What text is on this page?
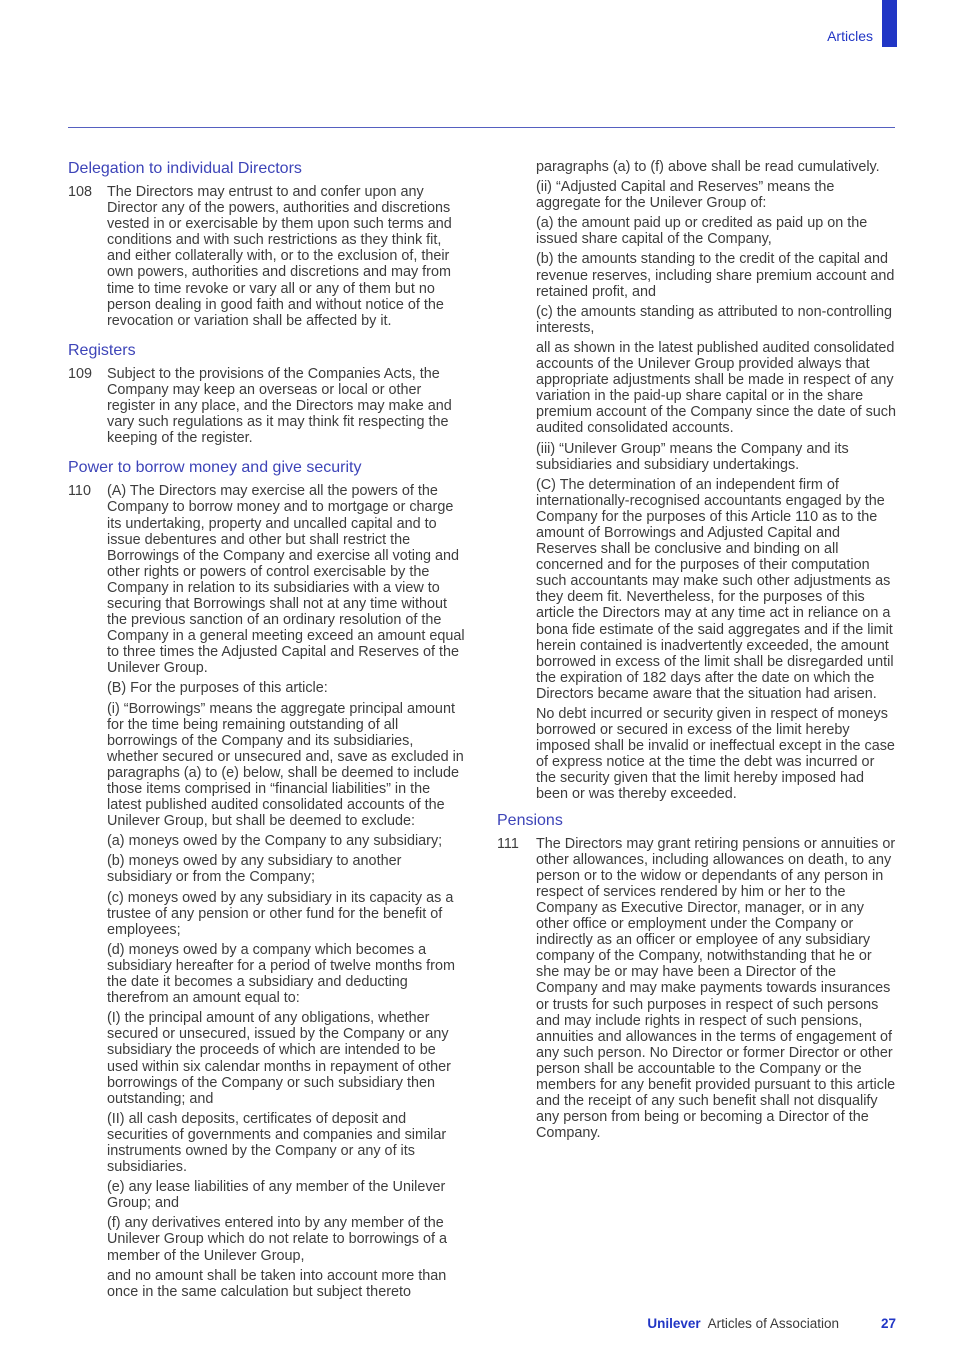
Articles
Delegation to individual Directors
108	The Directors may entrust to and confer upon any Director any of the powers, authorities and discretions vested in or exercisable by them upon such terms and conditions and with such restrictions as they think fit, and either collaterally with, or to the exclusion of, their own powers, authorities and discretions and may from time to time revoke or vary all or any of them but no person dealing in good faith and without notice of the revocation or variation shall be affected by it.

Registers
109	Subject to the provisions of the Companies Acts, the Company may keep an overseas or local or other register in any place, and the Directors may make and vary such regulations as it may think fit respecting the keeping of the register.

Power to borrow money and give security
110	(A) The Directors may exercise all the powers of the Company to borrow money and to mortgage or charge its undertaking, property and uncalled capital and to issue debentures and other but shall restrict the Borrowings of the Company and exercise all voting and other rights or powers of control exercisable by the Company in relation to its subsidiaries with a view to securing that Borrowings shall not at any time without the previous sanction of an ordinary resolution of the Company in a general meeting exceed an amount equal to three times the Adjusted Capital and Reserves of the Unilever Group.

(B) For the purposes of this article:

(i) “Borrowings” means the aggregate principal amount for the time being remaining outstanding of all borrowings of the Company and its subsidiaries, whether secured or unsecured and, save as excluded in paragraphs (a) to (e) below, shall be deemed to include those items comprised in “financial liabilities” in the latest published audited consolidated accounts of the Unilever Group, but shall be deemed to exclude:

(a) moneys owed by the Company to any subsidiary;

(b) moneys owed by any subsidiary to another subsidiary or from the Company;

(c) moneys owed by any subsidiary in its capacity as a trustee of any pension or other fund for the benefit of employees;

(d) moneys owed by a company which becomes a subsidiary hereafter for a period of twelve months from the date it becomes a subsidiary and deducting therefrom an amount equal to:

(I) the principal amount of any obligations, whether secured or unsecured, issued by the Company or any subsidiary the proceeds of which are intended to be used within six calendar months in repayment of other borrowings of the Company or such subsidiary then outstanding; and

(II) all cash deposits, certificates of deposit and securities of governments and companies and similar instruments owned by the Company or any of its subsidiaries.

(e) any lease liabilities of any member of the Unilever Group; and

(f) any derivatives entered into by any member of the Unilever Group which do not relate to borrowings of a member of the Unilever Group,

and no amount shall be taken into account more than once in the same calculation but subject thereto

paragraphs (a) to (f) above shall be read cumulatively.

(ii) “Adjusted Capital and Reserves” means the aggregate for the Unilever Group of:

(a) the amount paid up or credited as paid up on the issued share capital of the Company,

(b) the amounts standing to the credit of the capital and revenue reserves, including share premium account and retained profit, and

(c) the amounts standing as attributed to non-controlling interests,

all as shown in the latest published audited consolidated accounts of the Unilever Group provided always that appropriate adjustments shall be made in respect of any variation in the paid-up share capital or in the share premium account of the Company since the date of such audited consolidated accounts.

(iii) “Unilever Group” means the Company and its subsidiaries and subsidiary undertakings.

(C) The determination of an independent firm of internationally-recognised accountants engaged by the Company for the purposes of this Article 110 as to the amount of Borrowings and Adjusted Capital and Reserves shall be conclusive and binding on all concerned and for the purposes of their computation such accountants may make such other adjustments as they deem fit. Nevertheless, for the purposes of this article the Directors may at any time act in reliance on a bona fide estimate of the said aggregates and if the limit herein contained is inadvertently exceeded, the amount borrowed in excess of the limit shall be disregarded until the expiration of 182 days after the date on which the Directors became aware that the situation had arisen.

No debt incurred or security given in respect of moneys borrowed or secured in excess of the limit hereby imposed shall be invalid or ineffectual except in the case of express notice at the time the debt was incurred or the security given that the limit hereby imposed had been or was thereby exceeded.

Pensions
111	The Directors may grant retiring pensions or annuities or other allowances, including allowances on death, to any person or to the widow or dependants of any person in respect of services rendered by him or her to the Company as Executive Director, manager, or in any other office or employment under the Company or indirectly as an officer or employee of any subsidiary company of the Company, notwithstanding that he or she may be or may have been a Director of the Company and may make payments towards insurances or trusts for such purposes in respect of such persons and may include rights in respect of such pensions, annuities and allowances in the terms of engagement of any such person. No Director or former Director or other person shall be accountable to the Company or the members for any benefit provided pursuant to this article and the receipt of any such benefit shall not disqualify any person from being or becoming a Director of the Company.

Unilever Articles of Association	27
